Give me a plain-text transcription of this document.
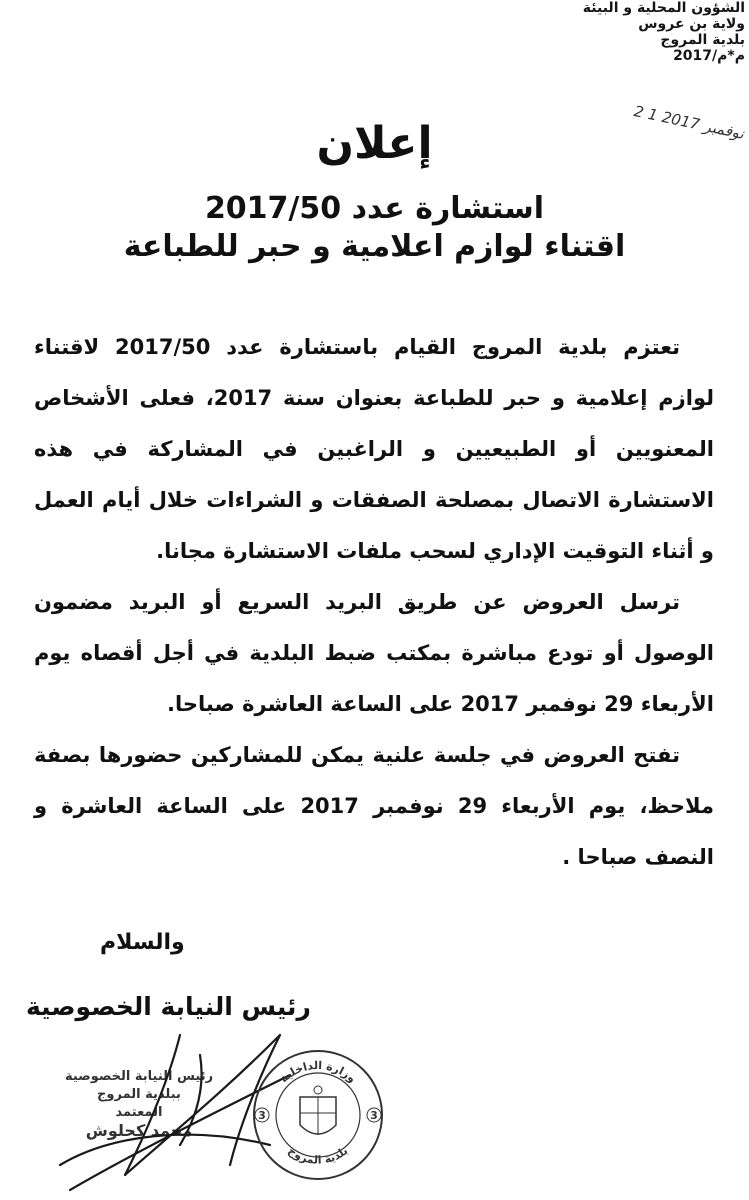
الشؤون المحلية و البيئة
ولاية بن عروس
بلدية المروج
م*م/2017
2 1 نوفمبر 2017
إعلان
استشارة عدد 2017/50
اقتناء لوازم اعلامية و حبر للطباعة

تعتزم بلدية المروج القيام باستشارة عدد 2017/50 لاقتناء لوازم إعلامية و حبر للطباعة بعنوان سنة 2017، فعلى الأشخاص المعنويين أو الطبيعيين و الراغبين في المشاركة في هذه الاستشارة الاتصال بمصلحة الصفقات و الشراءات خلال أيام العمل و أثناء التوقيت الإداري لسحب ملفات الاستشارة مجانا.

ترسل العروض عن طريق البريد السريع أو البريد مضمون الوصول أو تودع مباشرة بمكتب ضبط البلدية في أجل أقصاه يوم الأربعاء 29 نوفمبر 2017 على الساعة العاشرة صباحا.

تفتح العروض في جلسة علنية يمكن للمشاركين حضورها بصفة ملاحظ، يوم الأربعاء 29 نوفمبر 2017 على الساعة العاشرة و النصف صباحا .

والسلام
رئيس النيابة الخصوصية
رئيس النيابة الخصوصية
ببلدية المروج
المعتمد
محمد كحلوش
وزارة الداخلية
بلدية المروج
3	3
